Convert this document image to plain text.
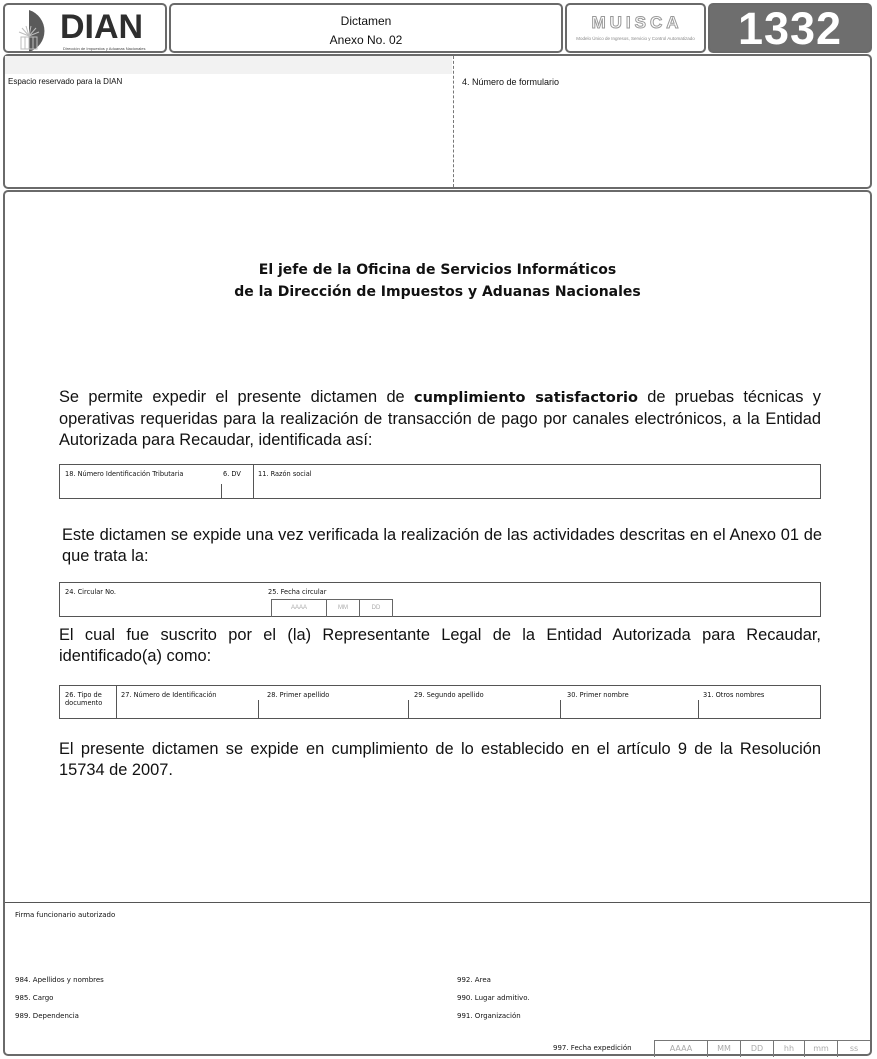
DIAN
Dirección de Impuestos y Aduanas Nacionales
Dictamen
Anexo No. 02
MUISCA
Modelo Único de Ingresos, Servicio y Control Automatizado 1332
Espacio reservado para la DIAN	4. Número de formulario
El jefe de la Oficina de Servicios Informáticos
de la Dirección de Impuestos y Aduanas Nacionales
Se permite expedir el presente dictamen de cumplimiento satisfactorio de pruebas técnicas y operativas requeridas para la realización de transacción de pago por canales electrónicos, a la Entidad Autorizada para Recaudar, identificada así:
18. Número Identificación Tributaria	6. DV	11. Razón social
Este dictamen se expide una vez verificada la realización de las actividades descritas en el Anexo 01 de que trata la:
24. Circular No.	25. Fecha circular
AAAA	MM	DD
El cual fue suscrito por el (la) Representante Legal de la Entidad Autorizada para Recaudar, identificado(a) como:
26. Tipo de documento
27. Número de Identificación	28. Primer apellido	29. Segundo apellido	30. Primer nombre	31. Otros nombres
El presente dictamen se expide en cumplimiento de lo establecido en el artículo 9 de la Resolución 15734 de 2007.
Firma funcionario autorizado
984. Apellidos y nombres
985. Cargo
989. Dependencia
992. Area
990. Lugar admitivo.
991. Organización
997. Fecha expedición	AAAA	MM	DD	hh	mm	ss
